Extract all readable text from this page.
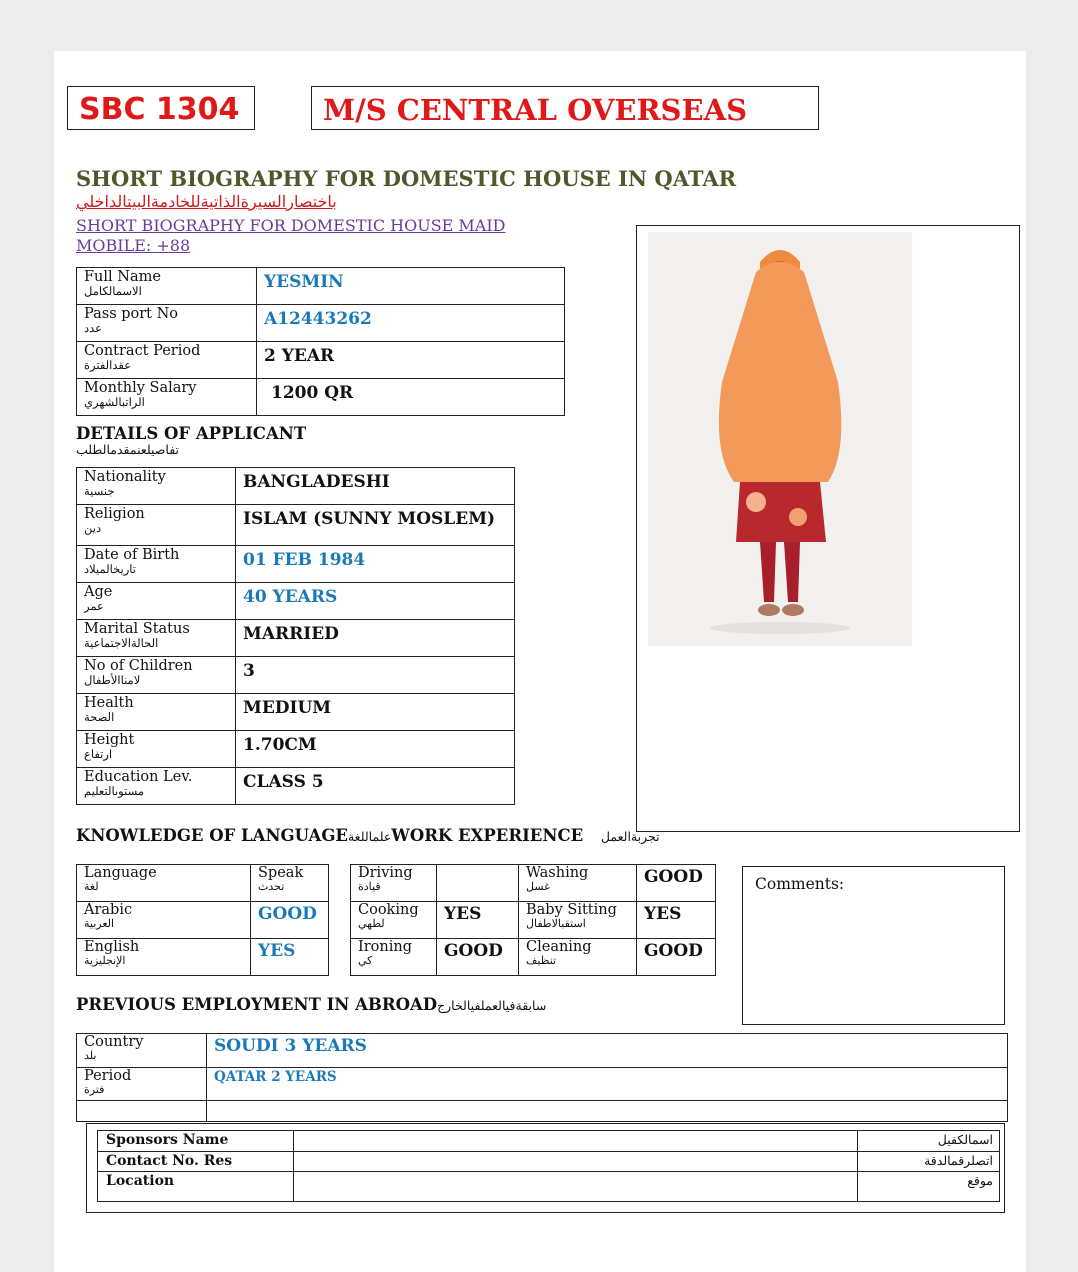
SBC 1304	M/S CENTRAL OVERSEAS
SHORT BIOGRAPHY FOR DOMESTIC HOUSE IN QATAR
باختصارالسيرةالذاتيةللخادمةالبيتالداخلي
SHORT BIOGRAPHY FOR DOMESTIC HOUSE MAID
MOBILE: +88
Full Name
الاسمالكامل	YESMIN
Pass port No
عدد	A12443262
Contract Period
عقدالفترة	2 YEAR
Monthly Salary
الراتبالشهري	1200 QR
DETAILS OF APPLICANT
تفاصيلعنمقدمالطلب
Nationality
جنسية	BANGLADESHI
Religion
دين	ISLAM (SUNNY MOSLEM)
Date of Birth
تاريخالميلاد	01 FEB 1984
Age
عمر	40 YEARS
Marital Status
الحالةالاجتماعية	MARRIED
No of Children
لامناالأطفال	3
Health
الصحة	MEDIUM
Height
ارتفاع	1.70CM
Education Lev.
مستوىالتعليم	CLASS 5
KNOWLEDGE OF LANGUAGEعلماللغةWORK EXPERIENCE تجربةالعمل
Language
لغة	Speak
تحدث

Arabic
العربية	GOOD
English
الإنجليزية	YES
Driving
قيادة		Washing
غسل	GOOD
Cooking
لطهي	YES	Baby Sitting
استقبالاطفال	YES
Ironing
كي	GOOD	Cleaning
تنظيف	GOOD
Comments:
PREVIOUS EMPLOYMENT IN ABROADسابقةفيالعملفيالخارج
Country
بلد	SOUDI 3 YEARS
Period
فترة	QATAR 2 YEARS

Sponsors Name		اسمالكفيل
Contact No. Res		اتصلرقمالدقة
Location		موقع
